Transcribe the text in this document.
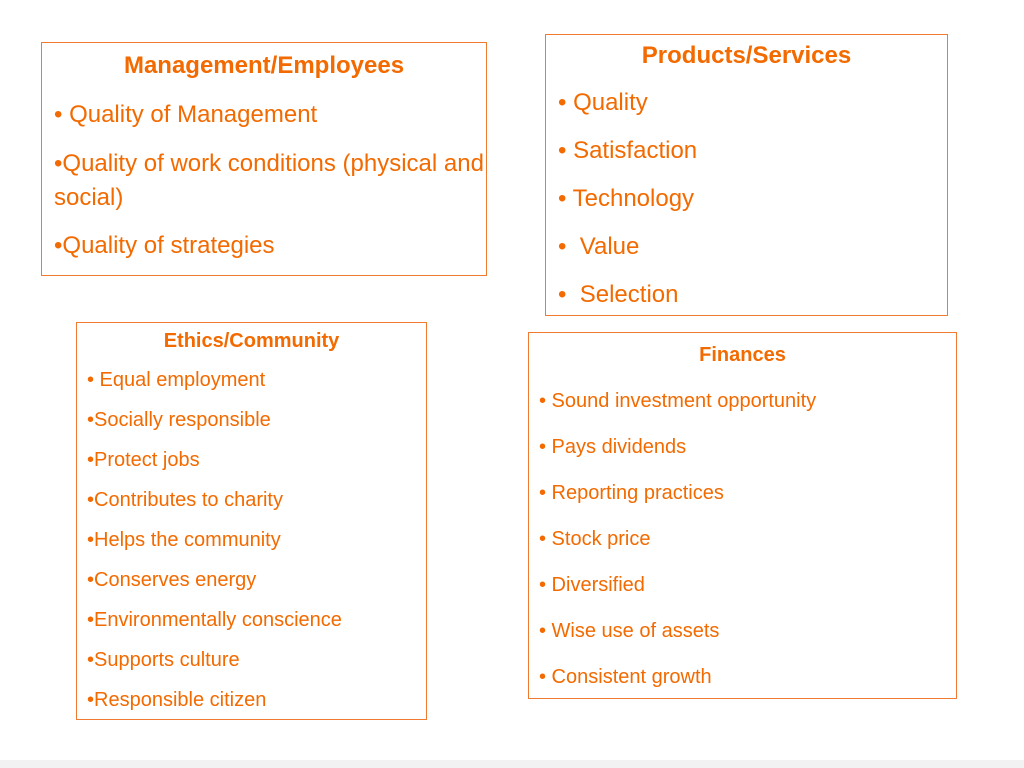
Management/Employees
• Quality of Management
•Quality of work conditions (physical and social)
•Quality of strategies
Products/Services
• Quality
• Satisfaction
• Technology
•  Value
•  Selection
Ethics/Community
• Equal employment
•Socially responsible
•Protect jobs
•Contributes to charity
•Helps the community
•Conserves energy
•Environmentally conscience
•Supports culture
•Responsible citizen
Finances
• Sound investment opportunity
• Pays dividends
• Reporting practices
• Stock price
• Diversified
• Wise use of assets
• Consistent growth
